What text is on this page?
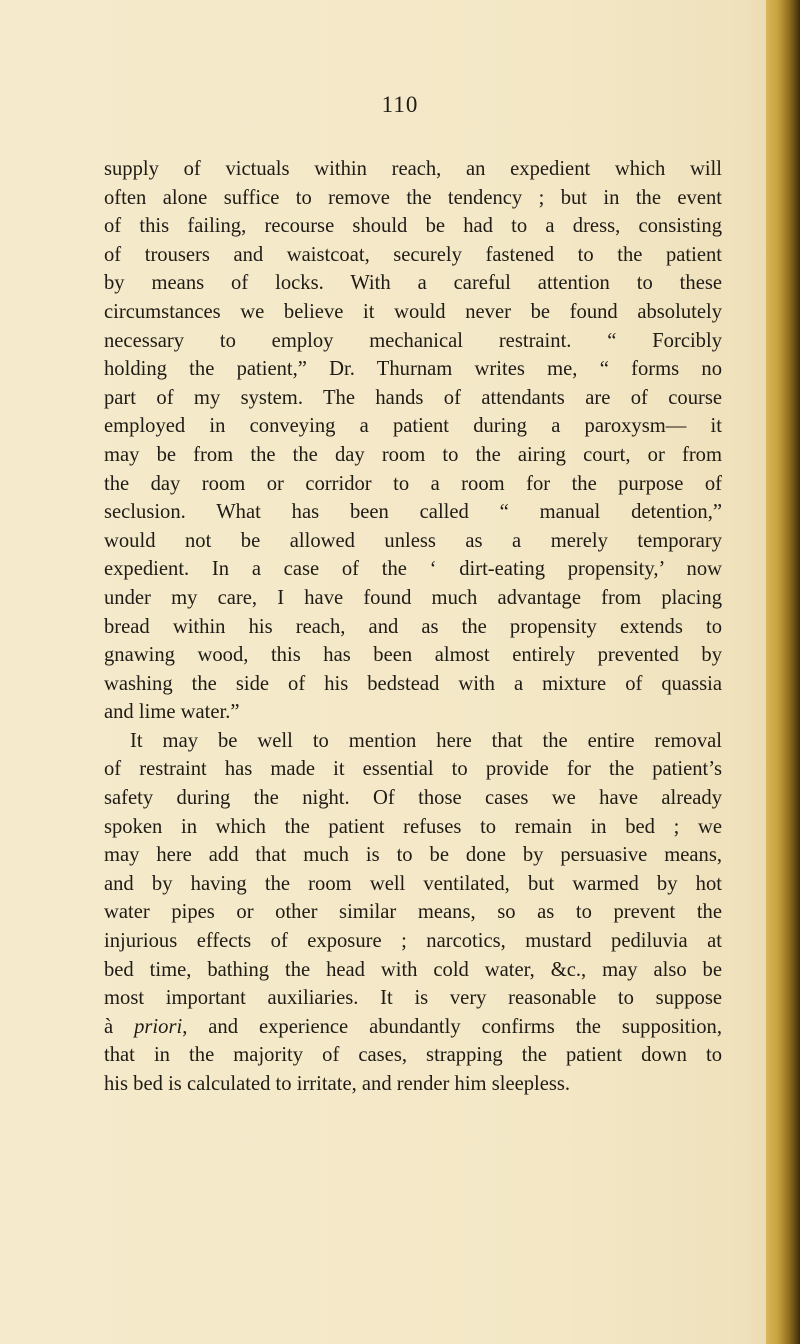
110
supply of victuals within reach, an expedient which will
often alone suffice to remove the tendency ; but in the event
of this failing, recourse should be had to a dress, consisting
of trousers and waistcoat, securely fastened to the patient
by means of locks. With a careful attention to these
circumstances we believe it would never be found absolutely
necessary to employ mechanical restraint. “ Forcibly
holding the patient,” Dr. Thurnam writes me, “ forms no
part of my system. The hands of attendants are of course
employed in conveying a patient during a paroxysm— it
may be from the the day room to the airing court, or from
the day room or corridor to a room for the purpose of
seclusion. What has been called “ manual detention,”
would not be allowed unless as a merely temporary
expedient. In a case of the ‘ dirt-eating propensity,’ now
under my care, I have found much advantage from placing
bread within his reach, and as the propensity extends to
gnawing wood, this has been almost entirely prevented by
washing the side of his bedstead with a mixture of quassia
and lime water.”
It may be well to mention here that the entire removal
of restraint has made it essential to provide for the patient’s
safety during the night. Of those cases we have already
spoken in which the patient refuses to remain in bed ; we
may here add that much is to be done by persuasive means,
and by having the room well ventilated, but warmed by hot
water pipes or other similar means, so as to prevent the
injurious effects of exposure ; narcotics, mustard pediluvia at
bed time, bathing the head with cold water, &c., may also be
most important auxiliaries. It is very reasonable to suppose
à priori, and experience abundantly confirms the supposition,
that in the majority of cases, strapping the patient down to
his bed is calculated to irritate, and render him sleepless.
